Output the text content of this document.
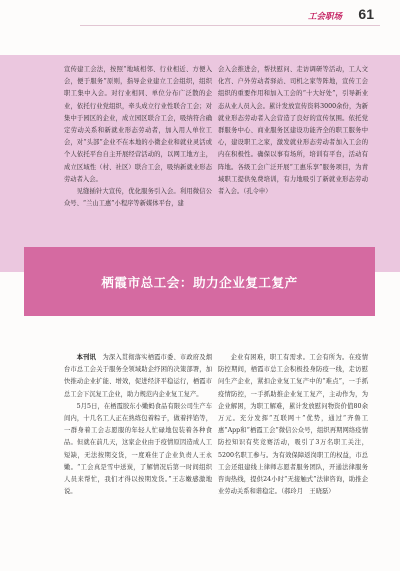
工会职场 61

宣传建工会法，按照“地域相邻、行业相近、方便入会，便于服务”原则，指导企业建立工会组织，组织职工集中入会。对行业相同、单位分布广泛散的企业，依托行业党组织，牵头成立行业性联合工会；对集中于园区的企业，成立园区联合工会，吸纳符合确定劳动关系和新就业形态劳动者，加入用人单位工会，对“头部”企业不在本地的小微企业和就业灵活或个人依托平台自主开展经营活动的，以网工地方主，成立区域性（村、社区）联合工会，吸纳新就业形态劳动者入会。

见缝插针大宣传，优化服务引入会。利用微信公众号、“兰山工惠”小程序等新媒体平台，建

会入会推进会，帮扶慰问、走访调研等活动，工人文化宫、户外劳动者驿站、司机之家等阵地，宣传工会组织的重要作用和加入工会的“十大好处”，引导新业态从业人员入会。累计发放宣传资料3000余份，为新就业形态劳动者入会营造了良好的宣传氛围。依托党群服务中心、商业服务区建设功能齐全的职工服务中心，建设职工之家，激发就业形态劳动者加入工会的内在积极性。确保以事有场所，培训有平台，活动有阵地。各级工会广泛开展“工惠乐享”服务项目，为青域职工提供免费培训，有力地吸引了新就业形态劳动者入会。（孔令申）

栖霞市总工会：助力企业复工复产

本刊讯　 为深入贯彻落实栖霞市委、市政府及烟台市总工会关于服务全领域助企纾困的决策部署，加快推动企业扩能、增效，促进经济平稳运行，栖霞市总工会下沉复工企业，助力规范内企业复工复产。

5月5日，在栖霞胶东小嫩蚂食品有限公司生产车间内，十几名工人正在熟练包着粽子，做着拌馅等，一群身着工会志愿服的年轻人忙碌地包装着各种食品。但就在前几天，这家企业由于疫情原因造成人工短缺，无法按期交货，一度难住了企业负责人王永嫩。“工会真是雪中送炭，了解情况后第一时间组织人员来帮忙，我们才得以按期发货。”王志嫩感激地说。

企业有困难，职工有需求。工会有所为。在疫情防控期间，栖霞市总工会积极投身防疫一线，走访慰问生产企业，紧扣企业复工复产中的“难点”，一手抓疫情防控，一手抓助推企业复工复产，主动作为，为企业解困，为职工解难，累计发放慰问物资价值80余万元。充分发挥“互联网＋”优势，通过“齐鲁工惠”App和“栖霞工会”微信公众号，组织再期网络疫情防控知识有奖竞赛活动，吸引了3万名职工关注，5200名职工参与。为有效保障返岗职工的权益，市总工会还组建线上律师志愿者服务团队，开通法律服务咨询热线，提供24小时“无接触式”法律咨询，助推企业劳动关系和谐稳定。（郝玲月　王晓磊）
